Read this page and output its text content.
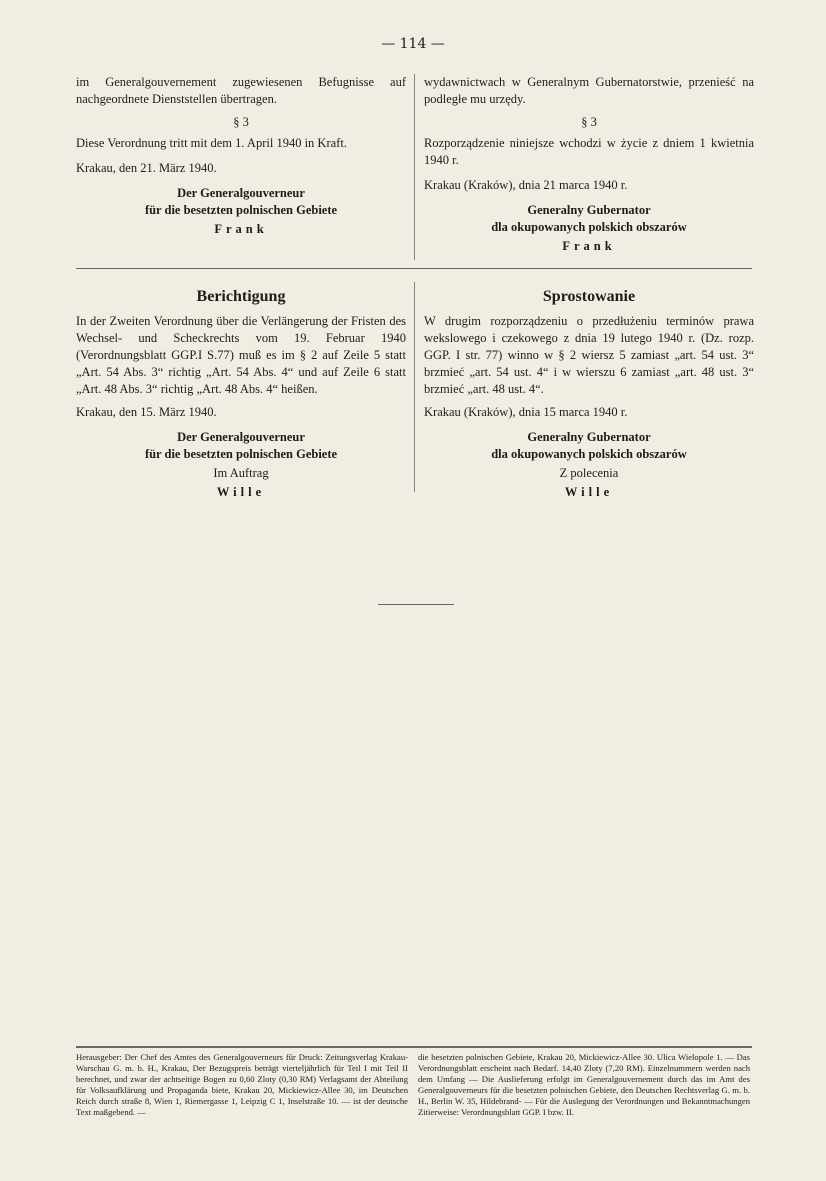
— 114 —

im Generalgouvernement zugewiesenen Befugnisse auf nachgeordnete Dienststellen übertragen.

§ 3

Diese Verordnung tritt mit dem 1. April 1940 in Kraft.

Krakau, den 21. März 1940.

Der Generalgouverneur

für die besetzten polnischen Gebiete

Frank

wydawnictwach w Generalnym Gubernatorstwie, przenieść na podległe mu urzędy.

§ 3

Rozporządzenie niniejsze wchodzi w życie z dniem 1 kwietnia 1940 r.

Krakau (Kraków), dnia 21 marca 1940 r.

Generalny Gubernator

dla okupowanych polskich obszarów

Frank

Berichtigung

In der Zweiten Verordnung über die Verlängerung der Fristen des Wechsel- und Scheckrechts vom 19. Februar 1940 (Verordnungsblatt GGP.I S.77) muß es im § 2 auf Zeile 5 statt „Art. 54 Abs. 3“ richtig „Art. 54 Abs. 4“ und auf Zeile 6 statt „Art. 48 Abs. 3“ richtig „Art. 48 Abs. 4“ heißen.

Krakau, den 15. März 1940.

Der Generalgouverneur

für die besetzten polnischen Gebiete

Im Auftrag

Wille

Sprostowanie

W drugim rozporządzeniu o przedłużeniu terminów prawa wekslowego i czekowego z dnia 19 lutego 1940 r. (Dz. rozp. GGP. I str. 77) winno w § 2 wiersz 5 zamiast „art. 54 ust. 3“ brzmieć „art. 54 ust. 4“ i w wierszu 6 zamiast „art. 48 ust. 3“ brzmieć „art. 48 ust. 4“.

Krakau (Kraków), dnia 15 marca 1940 r.

Generalny Gubernator

dla okupowanych polskich obszarów

Z polecenia

Wille

Herausgeber: Der Chef des Amtes des Generalgouverneurs für Druck: Zeitungsverlag Krakau-Warschau G. m. b. H., Krakau, Der Bezugspreis beträgt vierteljährlich für Teil I mit Teil II berechnet, und zwar der achtseitige Bogen zu 0,60 Zloty (0,30 RM) Verlagsamt der Abteilung für Volksaufklärung und Propaganda biete, Krakau 20, Mickiewicz-Allee 30, im Deutschen Reich durch straße 8, Wien 1, Riemergasse 1, Leipzig C 1, Inselstraße 10. — ist der deutsche Text maßgebend. —
die besetzten polnischen Gebiete, Krakau 20, Mickiewicz-Allee 30. Ulica Wielopole 1. — Das Verordnungsblatt erscheint nach Bedarf. 14,40 Zloty (7,20 RM). Einzelnummern werden nach dem Umfang — Die Auslieferung erfolgt im Generalgouvernement durch das im Amt des Generalgouverneurs für die besetzten polnischen Gebiete, den Deutschen Rechtsverlag G. m. b. H., Berlin W. 35, Hildebrand- — Für die Auslegung der Verordnungen und Bekanntmachungen Zitierweise: Verordnungsblatt GGP. I bzw. II.
